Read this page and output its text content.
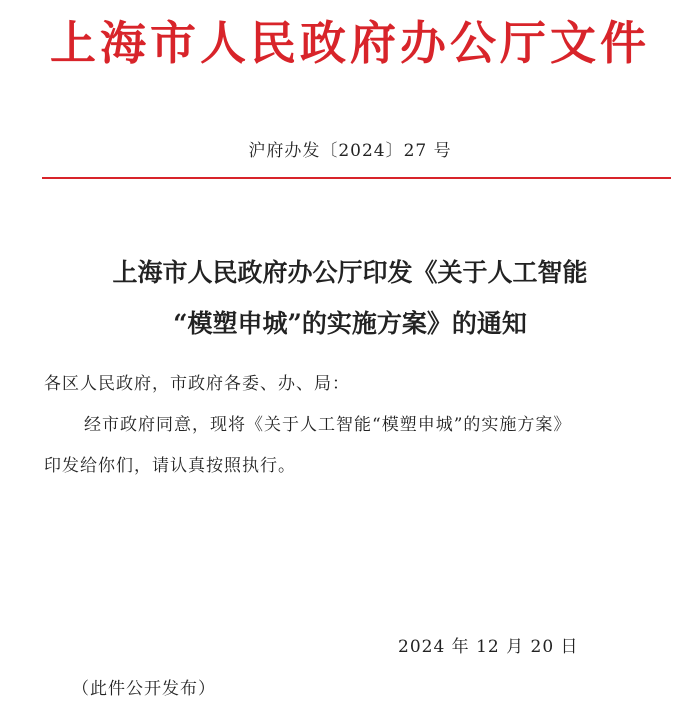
上海市人民政府办公厅文件
沪府办发〔2024〕27 号
上海市人民政府办公厅印发《关于人工智能
“模塑申城”的实施方案》的通知
各区人民政府，市政府各委、办、局：
经市政府同意，现将《关于人工智能“模塑申城”的实施方案》
印发给你们，请认真按照执行。
2024 年 12 月 20 日
（此件公开发布）
